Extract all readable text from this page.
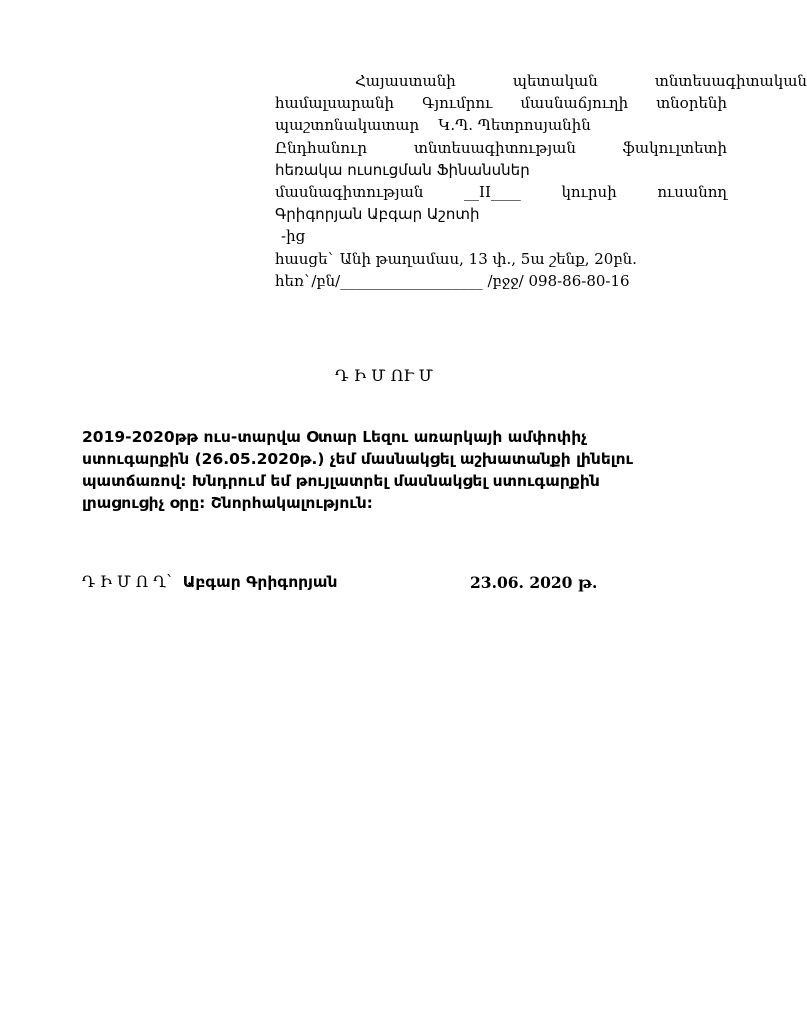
Հայաստանի	պետական	տնտեսագիտական
համալսարանի Գյումրու մասնաճյուղի տնօրենի
պաշտոնակատար Կ.Պ. Պետրոսյանին
Ընդհանուր	տնտեսագիտության	ֆակուլտետի
հեռակա ուսուցման Ֆինանսներ
մասնագիտության	__II____	կուրսի	ուսանող
Գրիգորյան Աբգար Աշոտի
-ից
հասցե` Անի թաղամաս, 13 փ., 5ա շենք, 20բն.
հեռ`/բն/___________________ /բջջ/ 098-86-80-16
Դ Ի Մ ՈՒ Մ
2019-2020թթ ուս-տարվա Օտար Լեզու առարկայի ամփոփիչ
ստուգարքին (26.05.2020թ.) չեմ մասնակցել աշխատանքի լինելու
պատճառով: Խնդրում եմ թույլատրել մասնակցել ստուգարքին
լրացուցիչ օրը: Շնորհակալություն:
Դ Ի Մ Ո Ղ` Աբգար Գրիգորյան	23.06. 2020 թ.
